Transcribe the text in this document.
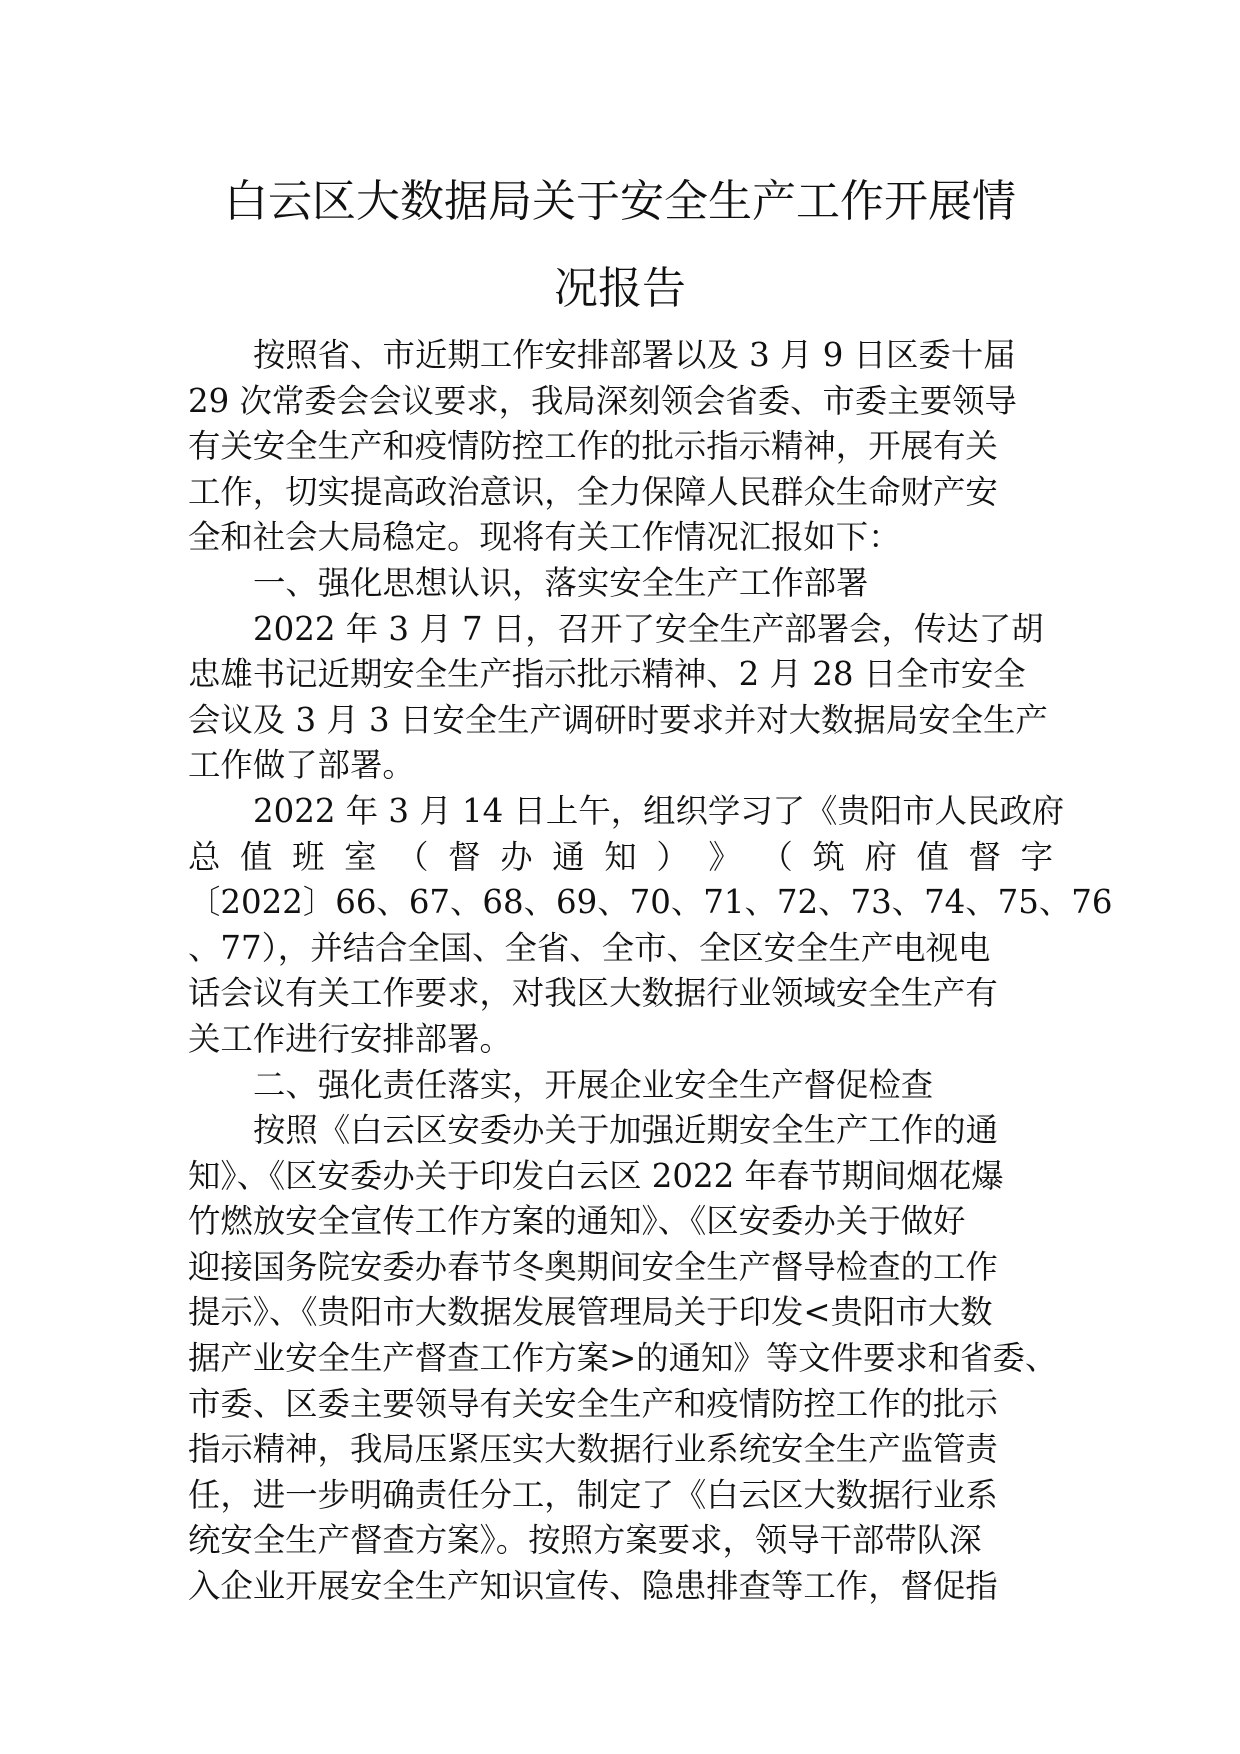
白云区大数据局关于安全生产工作开展情
况报告
按照省、市近期工作安排部署以及 3 月 9 日区委十届
29 次常委会会议要求，我局深刻领会省委、市委主要领导
有关安全生产和疫情防控工作的批示指示精神，开展有关
工作，切实提高政治意识，全力保障人民群众生命财产安
全和社会大局稳定。现将有关工作情况汇报如下：
一、强化思想认识，落实安全生产工作部署
2022 年 3 月 7 日，召开了安全生产部署会，传达了胡
忠雄书记近期安全生产指示批示精神、2 月 28 日全市安全
会议及 3 月 3 日安全生产调研时要求并对大数据局安全生产
工作做了部署。
2022 年 3 月 14 日上午，组织学习了《贵阳市人民政府
总 值 班 室 （ 督 办 通 知 ） 》 （ 筑 府 值 督 字
〔2022〕66、67、68、69、70、71、72、73、74、75、76
、77），并结合全国、全省、全市、全区安全生产电视电
话会议有关工作要求，对我区大数据行业领域安全生产有
关工作进行安排部署。
二、强化责任落实，开展企业安全生产督促检查
按照《白云区安委办关于加强近期安全生产工作的通
知》、《区安委办关于印发白云区 2022 年春节期间烟花爆
竹燃放安全宣传工作方案的通知》、《区安委办关于做好
迎接国务院安委办春节冬奥期间安全生产督导检查的工作
提示》、《贵阳市大数据发展管理局关于印发<贵阳市大数
据产业安全生产督查工作方案>的通知》等文件要求和省委、
市委、区委主要领导有关安全生产和疫情防控工作的批示
指示精神，我局压紧压实大数据行业系统安全生产监管责
任，进一步明确责任分工，制定了《白云区大数据行业系
统安全生产督查方案》。按照方案要求，领导干部带队深
入企业开展安全生产知识宣传、隐患排查等工作，督促指
